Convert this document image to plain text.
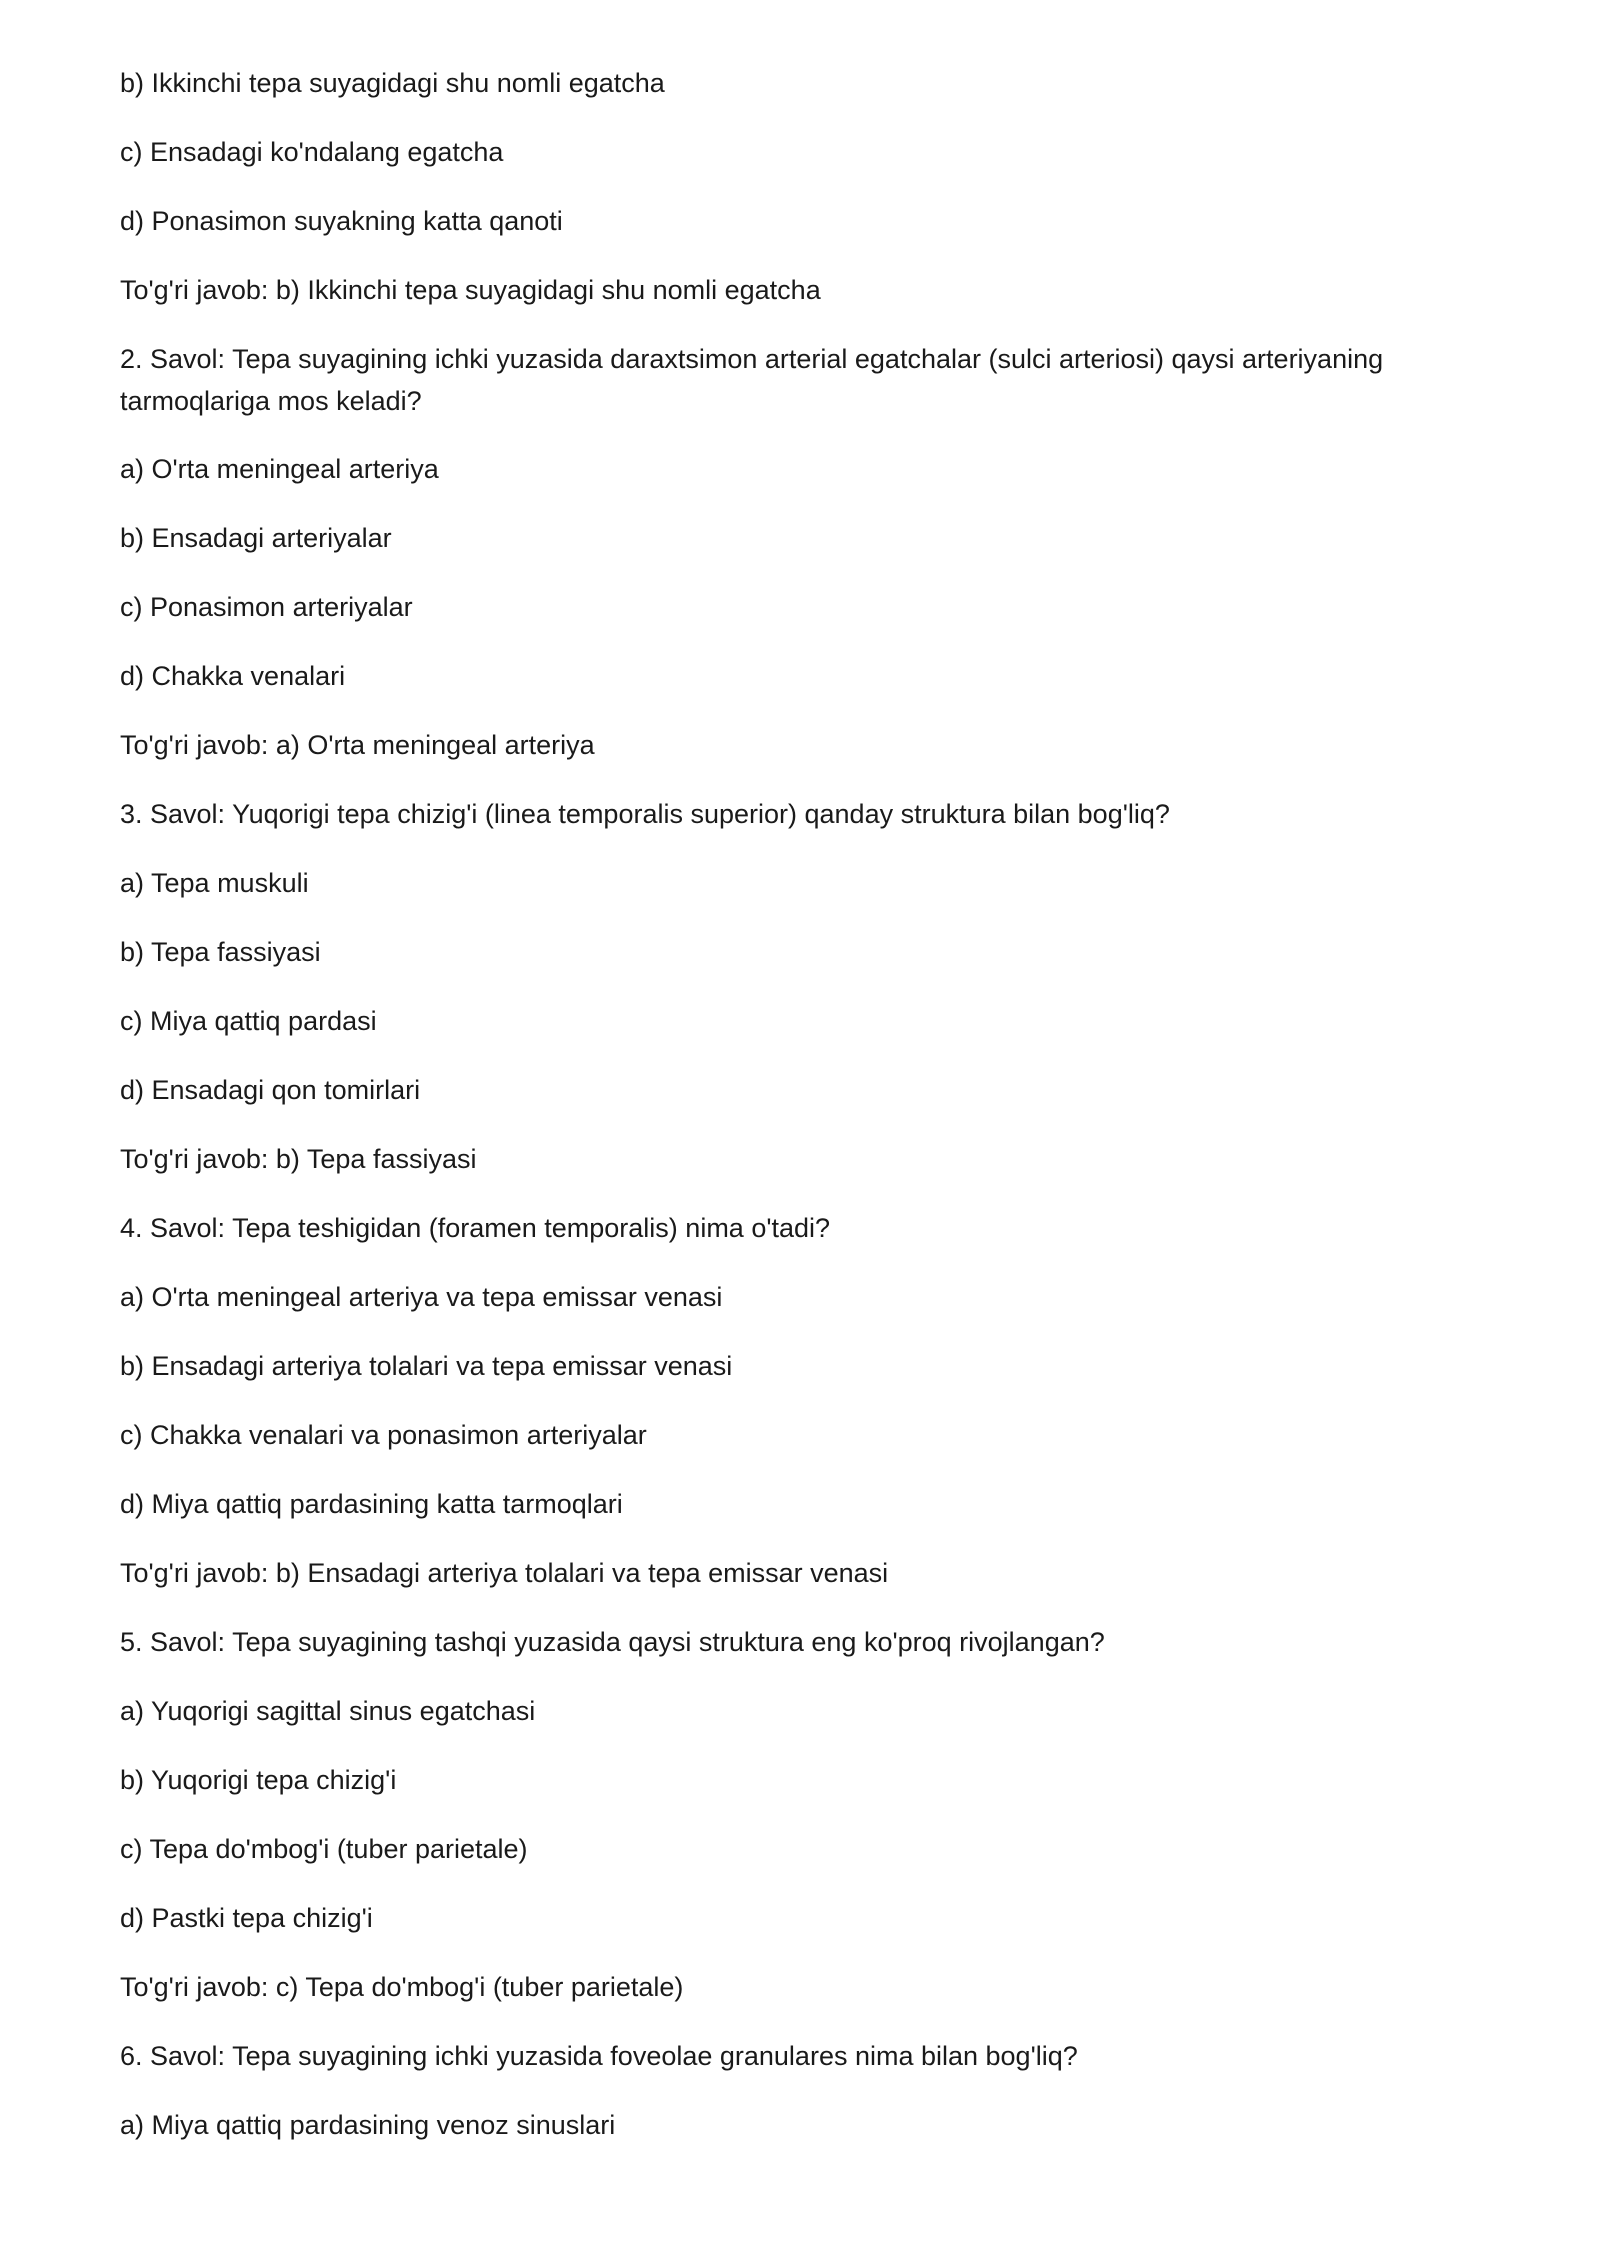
b) Ikkinchi tepa suyagidagi shu nomli egatcha

c) Ensadagi ko'ndalang egatcha

d) Ponasimon suyakning katta qanoti

To'g'ri javob: b) Ikkinchi tepa suyagidagi shu nomli egatcha

2. Savol: Tepa suyagining ichki yuzasida daraxtsimon arterial egatchalar (sulci arteriosi) qaysi arteriyaning tarmoqlariga mos keladi?

a) O'rta meningeal arteriya

b) Ensadagi arteriyalar

c) Ponasimon arteriyalar

d) Chakka venalari

To'g'ri javob: a) O'rta meningeal arteriya

3. Savol: Yuqorigi tepa chizig'i (linea temporalis superior) qanday struktura bilan bog'liq?

a) Tepa muskuli

b) Tepa fassiyasi

c) Miya qattiq pardasi

d) Ensadagi qon tomirlari

To'g'ri javob: b) Tepa fassiyasi

4. Savol: Tepa teshigidan (foramen temporalis) nima o'tadi?

a) O'rta meningeal arteriya va tepa emissar venasi

b) Ensadagi arteriya tolalari va tepa emissar venasi

c) Chakka venalari va ponasimon arteriyalar

d) Miya qattiq pardasining katta tarmoqlari

To'g'ri javob: b) Ensadagi arteriya tolalari va tepa emissar venasi

5. Savol: Tepa suyagining tashqi yuzasida qaysi struktura eng ko'proq rivojlangan?

a) Yuqorigi sagittal sinus egatchasi

b) Yuqorigi tepa chizig'i

c) Tepa do'mbog'i (tuber parietale)

d) Pastki tepa chizig'i

To'g'ri javob: c) Tepa do'mbog'i (tuber parietale)

6. Savol: Tepa suyagining ichki yuzasida foveolae granulares nima bilan bog'liq?

a) Miya qattiq pardasining venoz sinuslari
